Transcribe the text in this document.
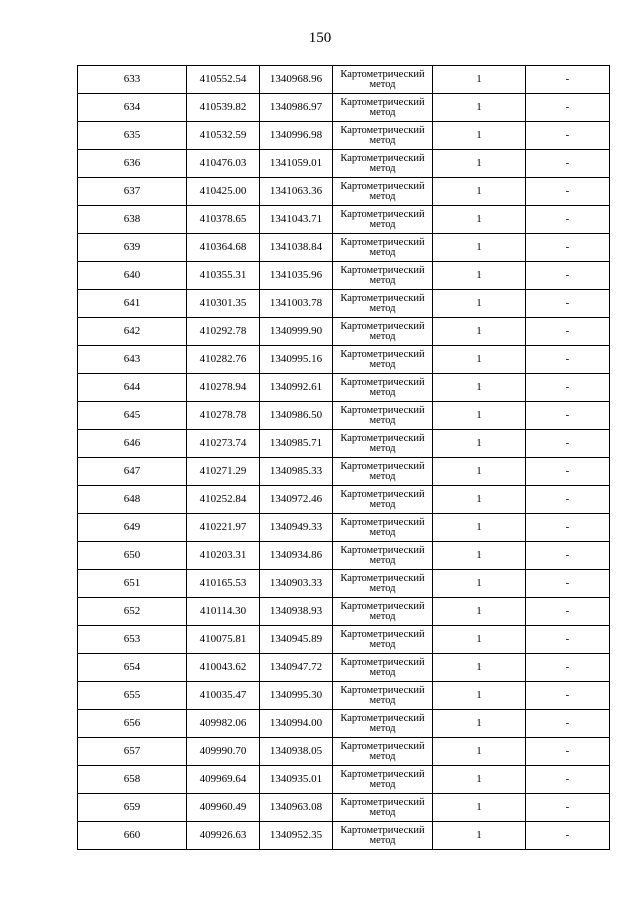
150
633	410552.54	1340968.96	Картометрический метод	1	-
634	410539.82	1340986.97	Картометрический метод	1	-
635	410532.59	1340996.98	Картометрический метод	1	-
636	410476.03	1341059.01	Картометрический метод	1	-
637	410425.00	1341063.36	Картометрический метод	1	-
638	410378.65	1341043.71	Картометрический метод	1	-
639	410364.68	1341038.84	Картометрический метод	1	-
640	410355.31	1341035.96	Картометрический метод	1	-
641	410301.35	1341003.78	Картометрический метод	1	-
642	410292.78	1340999.90	Картометрический метод	1	-
643	410282.76	1340995.16	Картометрический метод	1	-
644	410278.94	1340992.61	Картометрический метод	1	-
645	410278.78	1340986.50	Картометрический метод	1	-
646	410273.74	1340985.71	Картометрический метод	1	-
647	410271.29	1340985.33	Картометрический метод	1	-
648	410252.84	1340972.46	Картометрический метод	1	-
649	410221.97	1340949.33	Картометрический метод	1	-
650	410203.31	1340934.86	Картометрический метод	1	-
651	410165.53	1340903.33	Картометрический метод	1	-
652	410114.30	1340938.93	Картометрический метод	1	-
653	410075.81	1340945.89	Картометрический метод	1	-
654	410043.62	1340947.72	Картометрический метод	1	-
655	410035.47	1340995.30	Картометрический метод	1	-
656	409982.06	1340994.00	Картометрический метод	1	-
657	409990.70	1340938.05	Картометрический метод	1	-
658	409969.64	1340935.01	Картометрический метод	1	-
659	409960.49	1340963.08	Картометрический метод	1	-
660	409926.63	1340952.35	Картометрический метод	1	-
